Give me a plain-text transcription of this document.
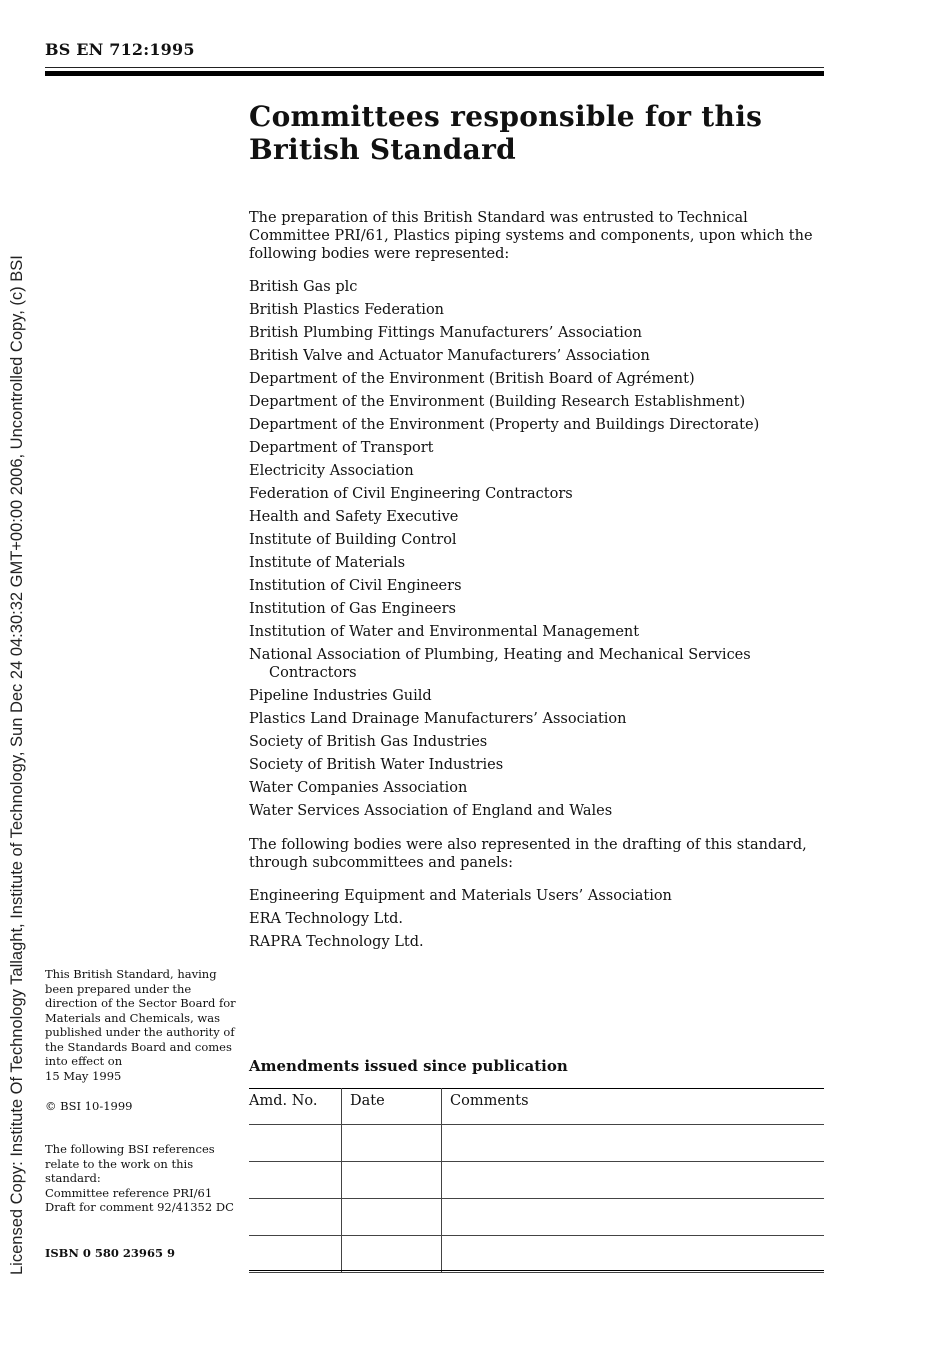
Licensed Copy: Institute Of Technology Tallaght, Institute of Technology, Sun Dec 24 04:30:32 GMT+00:00 2006, Uncontrolled Copy, (c) BSI
BS EN 712:1995
Committees responsible for this British Standard

The preparation of this British Standard was entrusted to Technical Committee PRI/61, Plastics piping systems and components, upon which the following bodies were represented:

British Gas plc
British Plastics Federation
British Plumbing Fittings Manufacturers’ Association
British Valve and Actuator Manufacturers’ Association
Department of the Environment (British Board of Agrément)
Department of the Environment (Building Research Establishment)
Department of the Environment (Property and Buildings Directorate)
Department of Transport
Electricity Association
Federation of Civil Engineering Contractors
Health and Safety Executive
Institute of Building Control
Institute of Materials
Institution of Civil Engineers
Institution of Gas Engineers
Institution of Water and Environmental Management
National Association of Plumbing, Heating and Mechanical Services Contractors
Pipeline Industries Guild
Plastics Land Drainage Manufacturers’ Association
Society of British Gas Industries
Society of British Water Industries
Water Companies Association
Water Services Association of England and Wales

The following bodies were also represented in the drafting of this standard, through subcommittees and panels:

Engineering Equipment and Materials Users’ Association
ERA Technology Ltd.
RAPRA Technology Ltd.

This British Standard, having been prepared under the direction of the Sector Board for Materials and Chemicals, was published under the authority of the Standards Board and comes into effect on

15 May 1995

© BSI 10-1999

The following BSI references relate to the work on this standard:

Committee reference PRI/61

Draft for comment 92/41352 DC

ISBN 0 580 23965 9
Amendments issued since publication
Amd. No.	Date	Comments
